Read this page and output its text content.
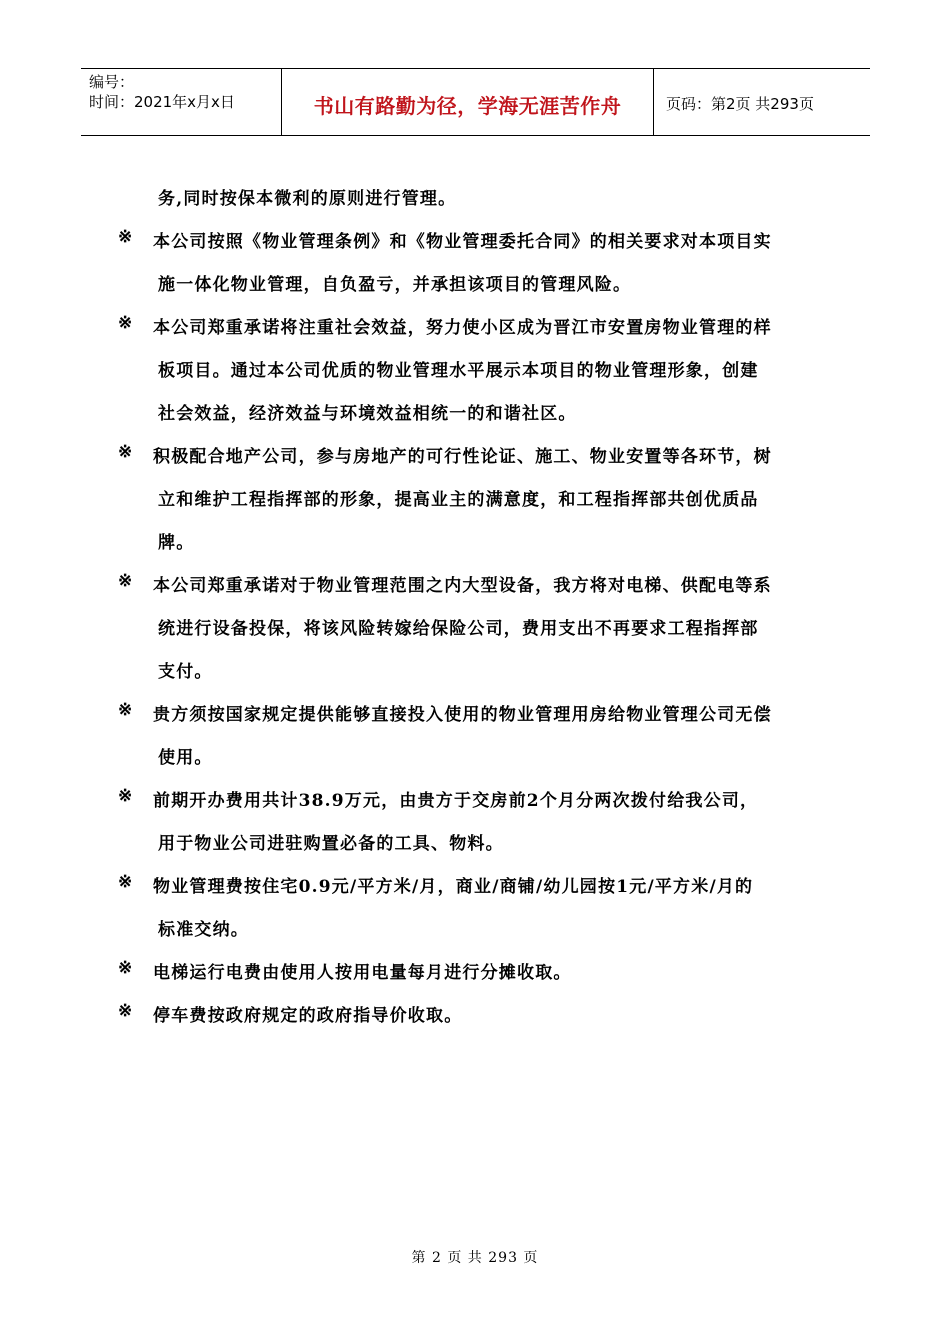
编号：
时间：2021年x月x日	书山有路勤为径，学海无涯苦作舟	页码：第2页 共293页
务,同时按保本微利的原则进行管理。
※ 本公司按照《物业管理条例》和《物业管理委托合同》的相关要求对本项目实
施一体化物业管理，自负盈亏，并承担该项目的管理风险。
※ 本公司郑重承诺将注重社会效益，努力使小区成为晋江市安置房物业管理的样
板项目。通过本公司优质的物业管理水平展示本项目的物业管理形象，创建
社会效益，经济效益与环境效益相统一的和谐社区。
※ 积极配合地产公司，参与房地产的可行性论证、施工、物业安置等各环节，树
立和维护工程指挥部的形象，提高业主的满意度，和工程指挥部共创优质品
牌。
※ 本公司郑重承诺对于物业管理范围之内大型设备，我方将对电梯、供配电等系
统进行设备投保，将该风险转嫁给保险公司，费用支出不再要求工程指挥部
支付。
※ 贵方须按国家规定提供能够直接投入使用的物业管理用房给物业管理公司无偿
使用。
※ 前期开办费用共计38.9万元，由贵方于交房前2个月分两次拨付给我公司，
用于物业公司进驻购置必备的工具、物料。
※ 物业管理费按住宅0.9元/平方米/月，商业/商铺/幼儿园按1元/平方米/月的
标准交纳。
※ 电梯运行电费由使用人按用电量每月进行分摊收取。
※ 停车费按政府规定的政府指导价收取。
第 2 页 共 293 页
